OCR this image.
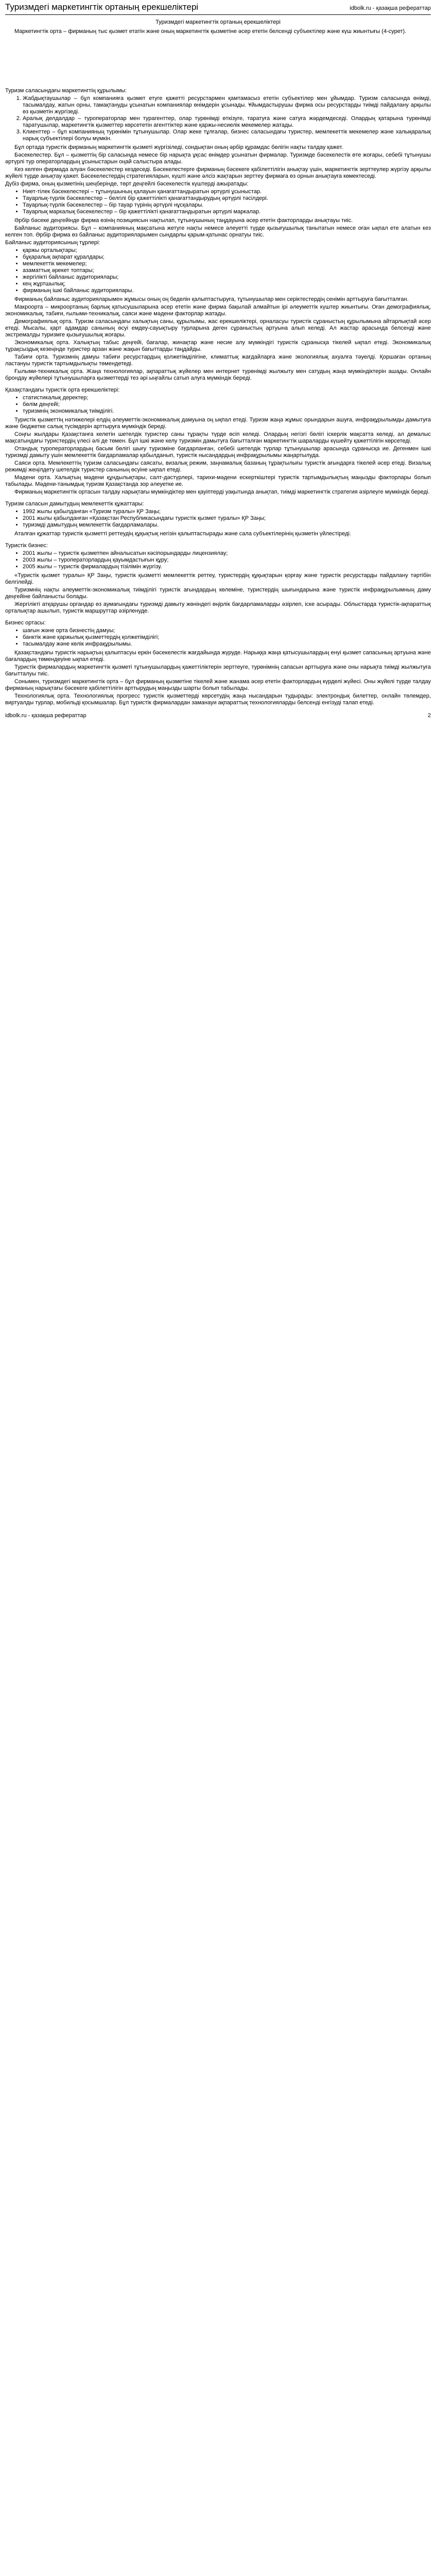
Туризмдегі маркетингтік ортаның ерекшеліктері	idbolk.ru - қазақша рефераттар
Туризмдегі маркетингтік ортаның ерекшеліктері

Маркетингтік орта – фирманың тыс қызмет етатін және оның маркетингтік қызметіне әсер ететін белсенді субъектілер және күш жиынтығы (4-сурет).

Туризм саласындағы маркетингтің құрылымы:
1. Жабдықтаушылар – бұл компанияға қызмет етуге қажетті ресурстармен қамтамасыз ететін субъектілер мен ұйымдар. Туризм саласында өнімді, тасымалдау, жатын орны, тамақтануды ұсынатын компаниялар өнімдерін ұсынады. Ұйымдастырушы фирма осы ресурстарды тиімді пайдалану арқылы өз қызметін жүргізеді.
2. Аралық делдалдар – туроператорлар мен турагенттер, олар турөнімді өткізуге, таратуға және сатуға жәрдемдеседі. Олардың қатарына турөнімді таратушылар, маркетингтік қызметтер көрсететін агенттіктер және қаржы-несиелік мекемелер жатады.
3. Клиенттер – бұл компанияның турөнімін тұтынушылар. Олар жеке тұлғалар, бизнес саласындағы туристер, мемлекеттік мекемелер және халықаралық нарық субъектілері болуы мүмкін.

Бұл ортада туристік фирманың маркетингтік қызметі жүргізіледі, сондықтан оның әрбір құрамдас бөлігін нақты талдау қажет.

Бәсекелестер. Бұл – қызметтің бір саласында немесе бір нарықта ұқсас өнімдер ұсынатын фирмалар. Туризмде бәсекелестік өте жоғары, себебі тұтынушы әртүрлі тур операторлардың ұсыныстарын оңай салыстыра алады.

Кез келген фирмада алуан бәсекелестер кездеседі. Бәсекелестерге фирманың бәсекеге қабілеттілігін анықтау үшін, маркетингтік зерттеулер жүргізу арқылы жүйелі түрде анықтау қажет. Бәсекелестердің стратегияларын, күшті және әлсіз жақтарын зерттеу фирмаға өз орнын анықтауға көмектеседі.

Дүбіз фирма, оның қызметінің шеңберінде, төрт деңгейлі бәсекелестік күштерді ажыратады:

• Ниет-тілек бәсекелестері – тұтынушының қалауын қанағаттандыратын әртүрлі ұсыныстар.
• Тауарлық-түрлік бәсекелестер – белгілі бір қажеттілікті қанағаттандырудың әртүрлі тәсілдері.
• Тауарлық-түрлік бәсекелестер – бір тауар түрінің әртүрлі нұсқалары.
• Тауарлық маркалық бәсекелестер – бір қажеттілікті қанағаттандыратын әртүрлі маркалар.

Әрбір бәсеке деңгейінде фирма өзінің позициясын нақтылап, тұтынушының таңдауына әсер ететін факторларды анықтауы тиіс.

Байланыс аудиториясы. Бұл – компанияның мақсатына жетуге нақты немесе әлеуетті түрде қызығушылық танытатын немесе оған ықпал ете алатын кез келген топ. Әрбір фирма өз байланыс аудиторияларымен сындарлы қарым-қатынас орнатуы тиіс.

Байланыс аудиториясының тұрлері:

• қаржы орталықтары;
• бұқаралық ақпарат құралдары;
• мемлекеттік мекемелер;
• азаматтық әрекет топтары;
• жергілікті байланыс аудиториялары;
• кең жұртшылық;
• фирманың ішкі байланыс аудиториялары.

Фирманың байланыс аудиторияларымен жұмысы оның оң беделін қалыптастыруға, тұтынушылар мен серіктестердің сенімін арттыруға бағытталған.

Макроорта – микроортаның барлық қатысушыларына әсер ететін және фирма бақылай алмайтын ірі әлеуметтік күштер жиынтығы. Оған демографиялық, экономикалық, табиғи, ғылыми-техникалық, саяси және мәдени факторлар жатады.

Демографиялық орта. Туризм саласындағы халықтың саны, құрылымы, жас ерекшеліктері, орналасуы туристік сұраныстың құрылымына айтарлықтай әсер етеді. Мысалы, қарт адамдар санының өсуі емдеу-сауықтыру турларына деген сұраныстың артуына алып келеді. Ал жастар арасында белсенді және экстремалды туризмге қызығушылық жоғары.

Экономикалық орта. Халықтың табыс деңгейі, бағалар, жинақтар және несие алу мүмкіндігі туристік сұранысқа тікелей ықпал етеді. Экономикалық тұрақсыздық кезеңінде туристер арзан және жақын бағыттарды таңдайды.

Табиғи орта. Туризмнің дамуы табиғи ресурстардың қолжетімділігіне, климаттық жағдайларға және экологиялық ахуалға тәуелді. Қоршаған ортаның ластануы туристік тартымдылықты төмендетеді.

Ғылыми-техникалық орта. Жаңа технологиялар, ақпараттық жүйелер мен интернет турөнімді жылжыту мен сатудың жаңа мүмкіндіктерін ашады. Онлайн брондау жүйелері тұтынушыларға қызметтерді тез әрі ыңғайлы сатып алуға мүмкіндік береді.

Қазақстандағы туристік орта ерекшеліктері:
• статистикалық деректер;
• бөлім деңгейі;
• туризмнің экономикалық тиімділігі.

Туристік қызметтің нәтижелері елдің әлеуметтік-экономикалық дамуына оң ықпал етеді. Туризм жаңа жұмыс орындарын ашуға, инфрақұрылымды дамытуға және бюджетке салық түсімдерін арттыруға мүмкіндік береді.

Соңғы жылдары Қазақстанға келетін шетелдік туристер саны тұрақты түрде өсіп келеді. Олардың негізгі бөлігі іскерлік мақсатта келеді, ал демалыс мақсатындағы туристердің үлесі әлі де төмен. Бұл ішкі және келу туризмін дамытуға бағытталған маркетингтік шараларды күшейту қажеттілігін көрсетеді.

Отандық туроператорлардың басым бөлігі шығу туризміне бағдарланған, себебі шетелдік турлар тұтынушылар арасында сұранысқа ие. Дегенмен ішкі туризмді дамыту үшін мемлекеттік бағдарламалар қабылданып, туристік нысандардың инфрақұрылымы жаңартылуда.

Саяси орта. Мемлекеттің туризм саласындағы саясаты, визалық режим, заңнамалық базаның тұрақтылығы туристік ағындарға тікелей әсер етеді. Визалық режимді жеңілдету шетелдік туристер санының өсуіне ықпал етеді.

Мәдени орта. Халықтың мәдени құндылықтары, салт-дәстүрлері, тарихи-мәдени ескерткіштері туристік тартымдылықтың маңызды факторлары болып табылады. Мәдени-танымдық туризм Қазақстанда зор әлеуетке ие.

Фирманың маркетингтік ортасын талдау нарықтағы мүмкіндіктер мен қауіптерді уақытында анықтап, тиімді маркетингтік стратегия әзірлеуге мүмкіндік береді.

Туризм саласын дамытудың мемлекеттік құжаттары:
• 1992 жылы қабылданған «Туризм туралы» ҚР Заңы;
• 2001 жылы қабылданған «Қазақстан Республикасындағы туристік қызмет туралы» ҚР Заңы;
• туризмді дамытудың мемлекеттік бағдарламалары.

Аталған құжаттар туристік қызметті реттеудің құқықтық негізін қалыптастырады және сала субъектілерінің қызметін үйлестіреді.

Туристік бизнес:
• 2001 жылы – туристік қызметпен айналысатын кәсіпорындарды лицензиялау;
• 2003 жылы – туроператорлардың қауымдастығын құру;
• 2005 жылы – туристік фирмалардың тізілімін жүргізу.

«Туристік қызмет туралы» ҚР Заңы, туристік қызметті мемлекеттік реттеу, туристердің құқықтарын қорғау және туристік ресурстарды пайдалану тәртібін белгілейді.

Туризмнің нақты әлеуметтік-экономикалық тиімділігі туристік ағындардың көлеміне, туристердің шығындарына және туристік инфрақұрылымның даму деңгейіне байланысты болады.

Жергілікті атқарушы органдар өз аумағындағы туризмді дамыту жөніндегі өңірлік бағдарламаларды әзірлеп, іске асырады. Облыстарда туристік-ақпараттық орталықтар ашылып, туристік маршруттар әзірленуде.

Бизнес ортасы:
• шағын және орта бизнестің дамуы;
• банктік және қаржылық қызметтердің қолжетімділігі;
• тасымалдау және көлік инфрақұрылымы.

Қазақстандағы туристік нарықтың қалыптасуы еркін бәсекелестік жағдайында жүруде. Нарыққа жаңа қатысушылардың енуі қызмет сапасының артуына және бағалардың төмендеуіне ықпал етеді.

Туристік фирмалардың маркетингтік қызметі тұтынушылардың қажеттіліктерін зерттеуге, турөнімнің сапасын арттыруға және оны нарықта тиімді жылжытуға бағытталуы тиіс.

Сонымен, туризмдегі маркетингтік орта – бұл фирманың қызметіне тікелей және жанама әсер ететін факторлардың күрделі жүйесі. Оны жүйелі түрде талдау фирманың нарықтағы бәсекеге қабілеттілігін арттырудың маңызды шарты болып табылады.

Технологиялық орта. Технологиялық прогресс туристік қызметтерді көрсетудің жаңа нысандарын тудырады: электрондық билеттер, онлайн төлемдер, виртуалды турлар, мобильді қосымшалар. Бұл туристік фирмалардан заманауи ақпараттық технологияларды белсенді енгізуді талап етеді.

idbolk.ru - қазақша рефераттар	2
